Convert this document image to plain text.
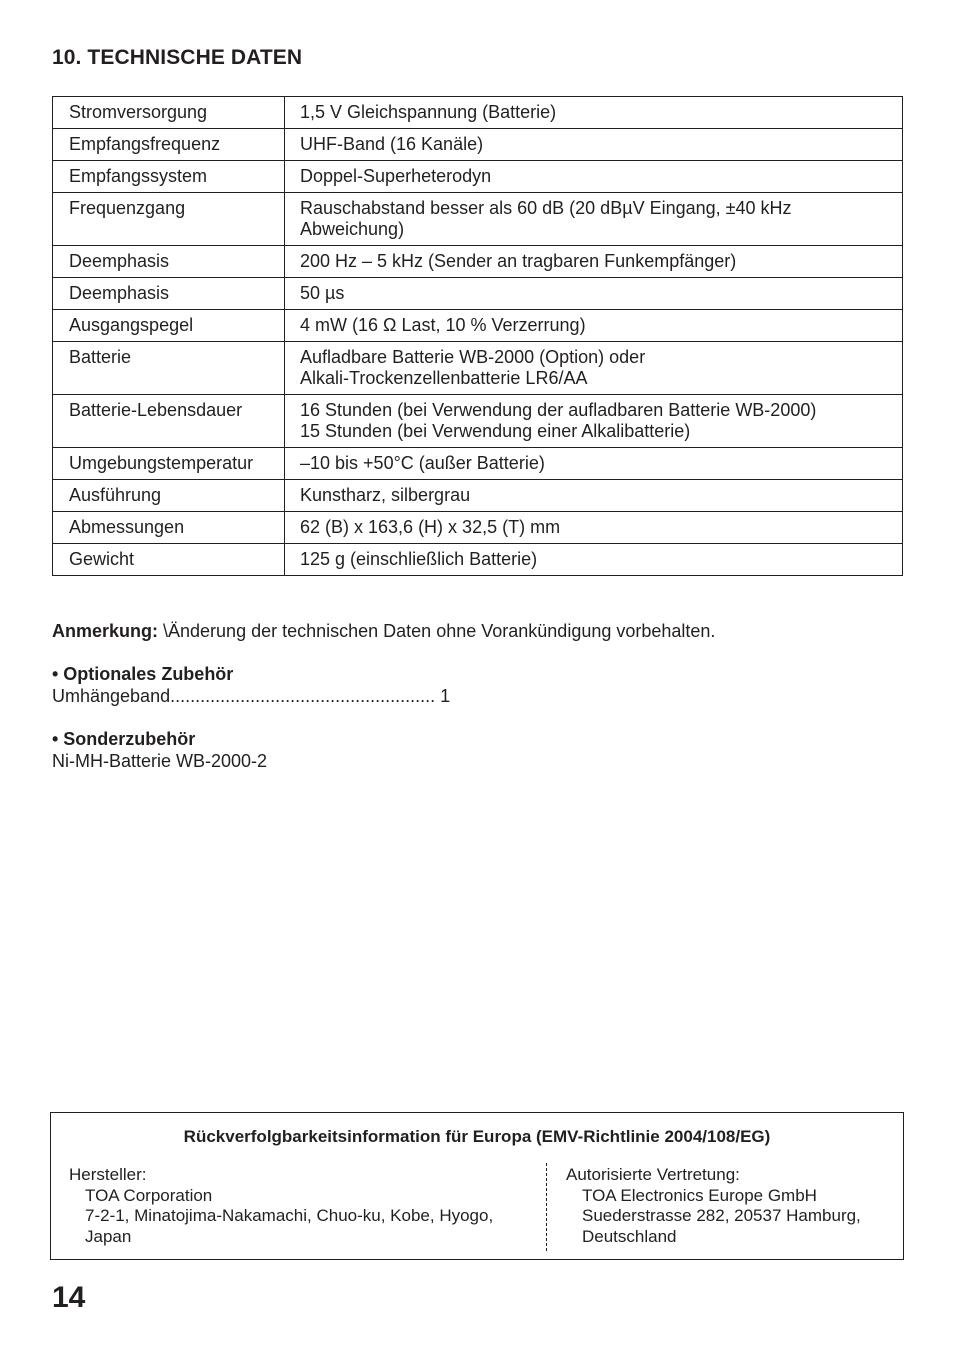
10. TECHNISCHE DATEN
Stromversorgung	1,5 V Gleichspannung (Batterie)

Empfangsfrequenz	UHF-Band (16 Kanäle)

Empfangssystem	Doppel-Superheterodyn

Frequenzgang	Rauschabstand besser als 60 dB (20 dBµV Eingang, ±40 kHz
Abweichung)

Deemphasis	200 Hz – 5 kHz (Sender an tragbaren Funkempfänger)

Deemphasis	50 µs

Ausgangspegel	4 mW (16 Ω Last, 10 % Verzerrung)

Batterie	Aufladbare Batterie WB-2000 (Option) oder
Alkali-Trockenzellenbatterie LR6/AA

Batterie-Lebensdauer	16 Stunden (bei Verwendung der aufladbaren Batterie WB-2000)
15 Stunden (bei Verwendung einer Alkalibatterie)

Umgebungstemperatur	–10 bis +50°C (außer Batterie)

Ausführung	Kunstharz, silbergrau

Abmessungen	62 (B) x 163,6 (H) x 32,5 (T) mm

Gewicht	125 g (einschließlich Batterie)
Anmerkung: \Änderung der technischen Daten ohne Vorankündigung vorbehalten.
• Optionales Zubehör
Umhängeband..................................................... 1
• Sonderzubehör
Ni-MH-Batterie WB-2000-2
Rückverfolgbarkeitsinformation für Europa (EMV-Richtlinie 2004/108/EG)
Hersteller:
TOA Corporation
7-2-1, Minatojima-Nakamachi, Chuo-ku, Kobe, Hyogo,
Japan
Autorisierte Vertretung:
TOA Electronics Europe GmbH
Suederstrasse 282, 20537 Hamburg,
Deutschland
14
